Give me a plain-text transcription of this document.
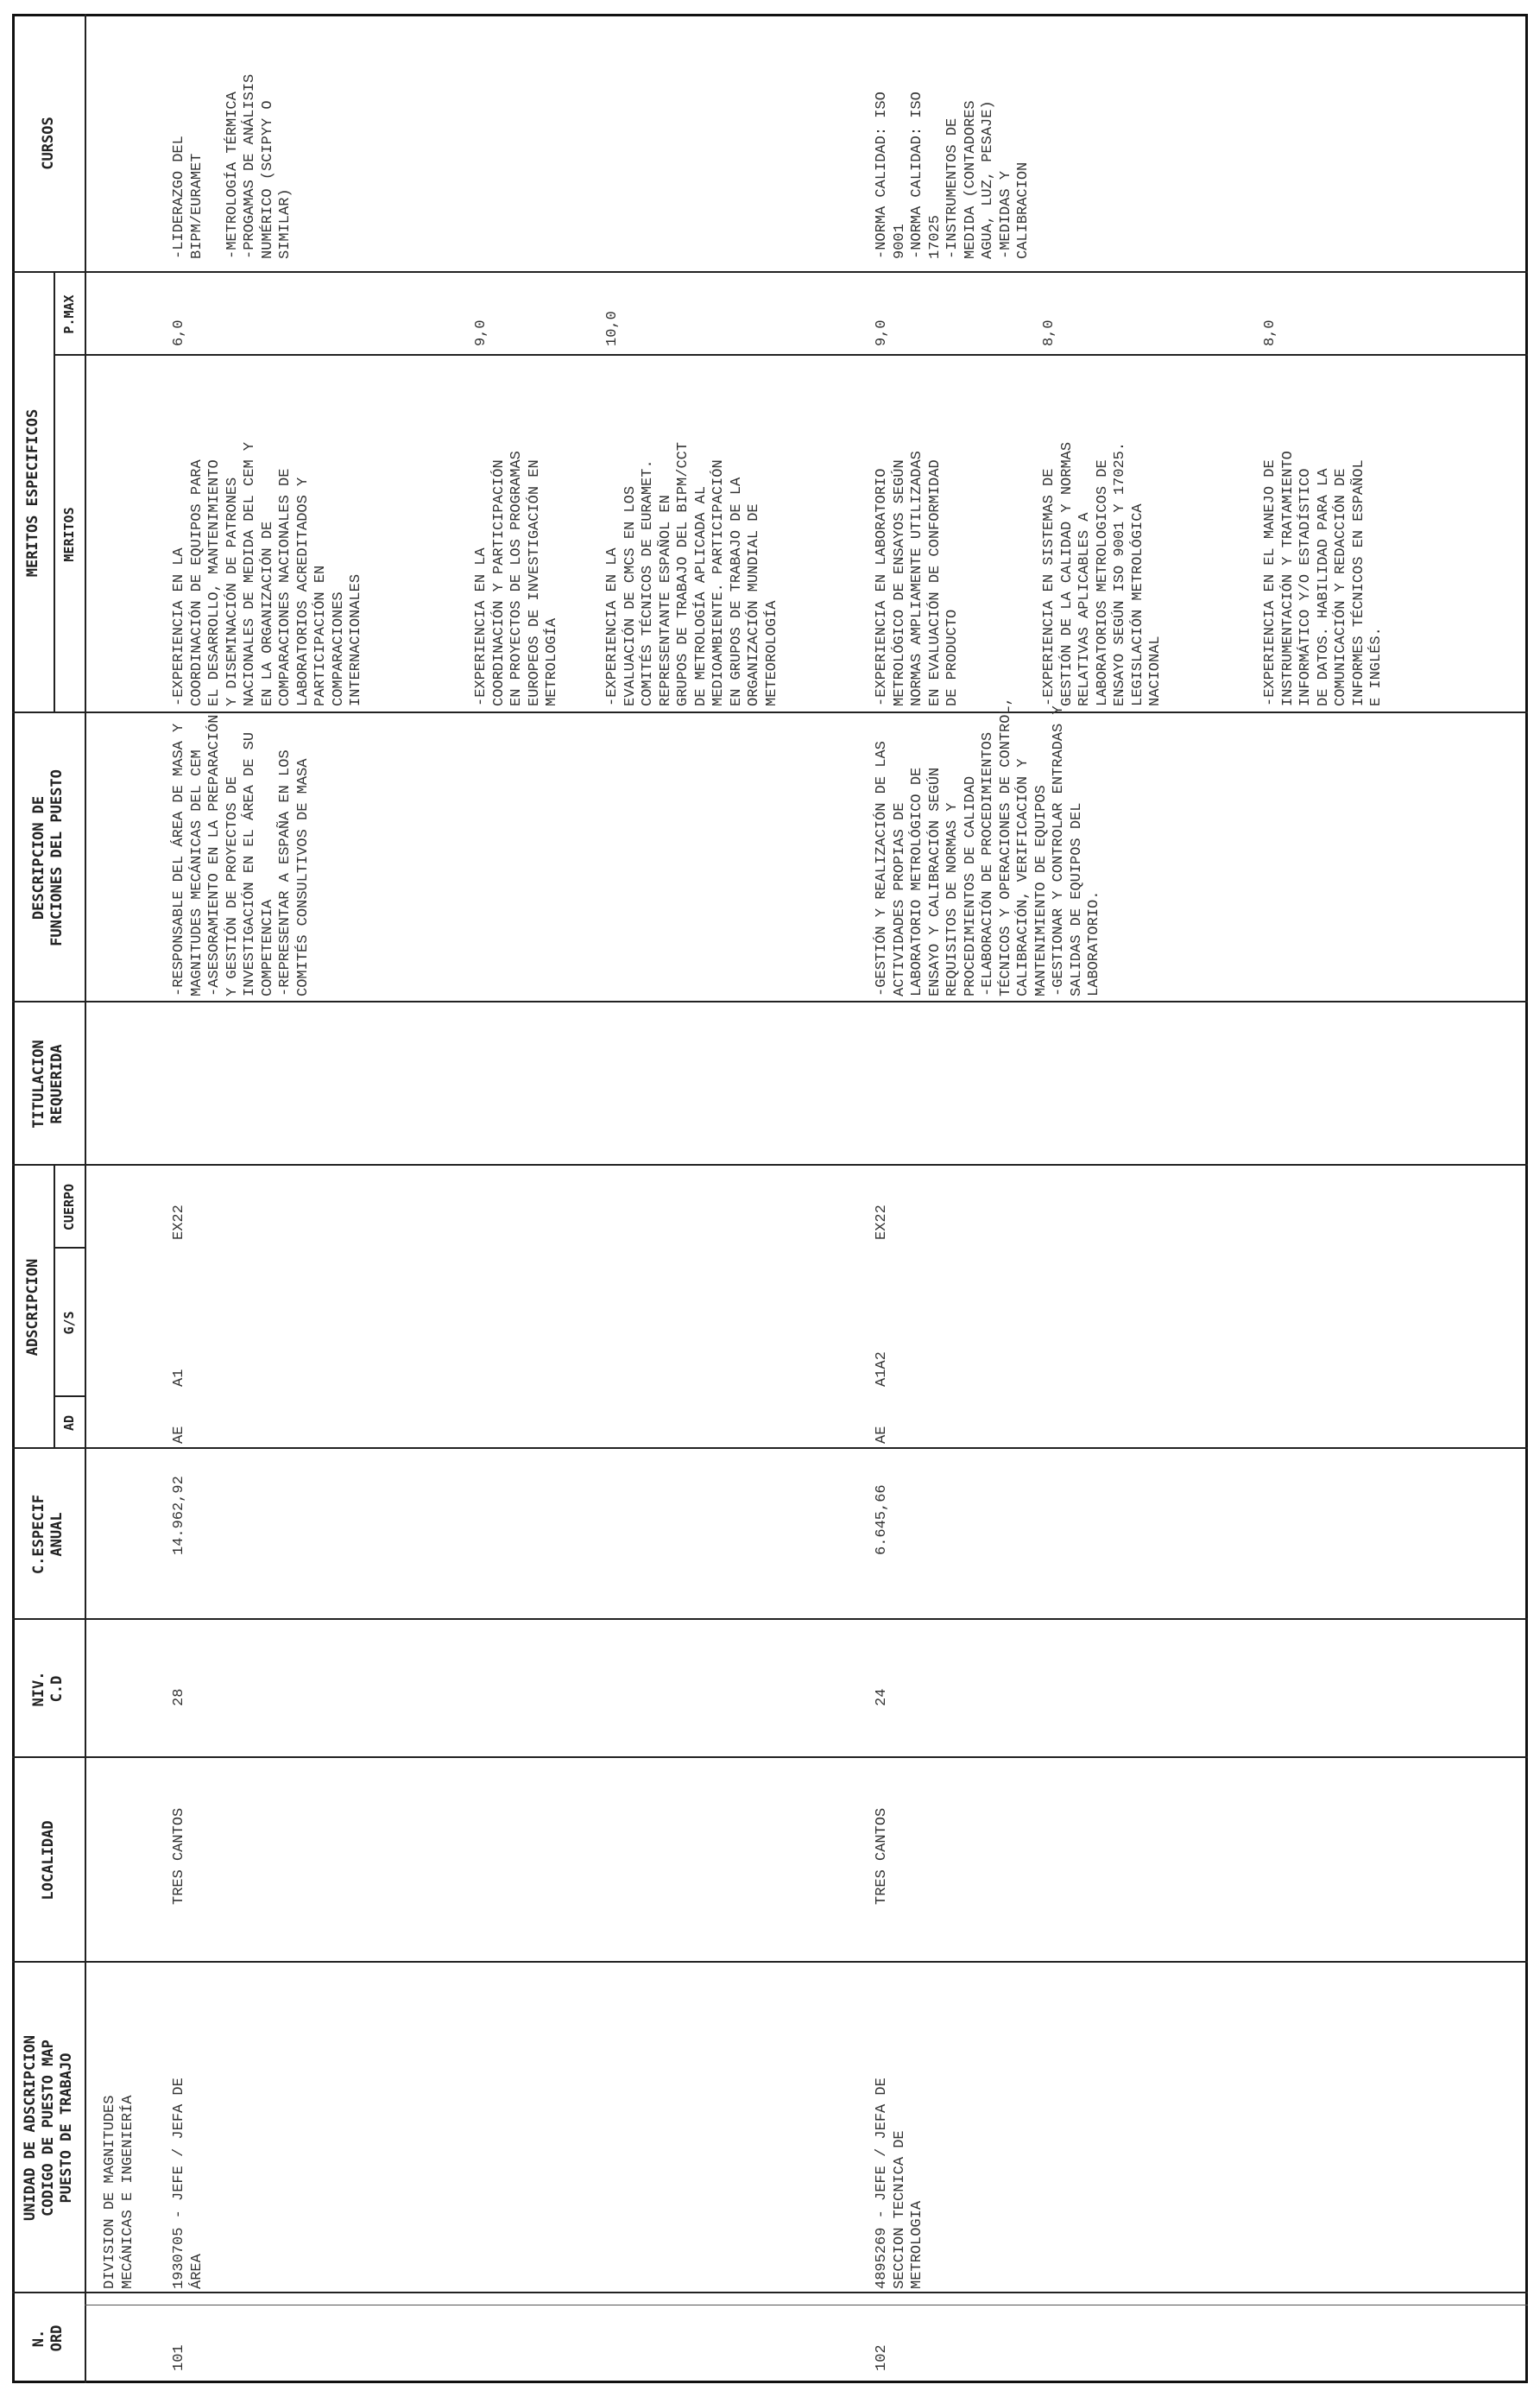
N.
ORD
UNIDAD DE ADSCRIPCION
CODIGO DE PUESTO MAP
PUESTO DE TRABAJO
LOCALIDAD
NIV.
C.D
C.ESPECIF
ANUAL
ADSCRIPCION
AD
G/S
CUERPO
TITULACION
REQUERIDA
DESCRIPCION DE
FUNCIONES DEL PUESTO
MERITOS ESPECIFICOS	MERITOS
P.MAX
CURSOS
DIVISION DE MAGNITUDES
MECÁNICAS E INGENIERÍA
101
1930705 - JEFE / JEFA DE
ÁREA
TRES CANTOS
28
14.962,92
AE
A1
EX22
-RESPONSABLE DEL ÁREA DE MASA Y
MAGNITUDES MECÁNICAS DEL CEM
-ASESORAMIENTO EN LA PREPARACIÓN
Y GESTIÓN DE PROYECTOS DE
INVESTIGACIÓN EN EL ÁREA DE SU
COMPETENCIA
-REPRESENTAR A ESPAÑA EN LOS
COMITÉS CONSULTIVOS DE MASA
-EXPERIENCIA EN LA
COORDINACIÓN DE EQUIPOS PARA
EL DESARROLLO, MANTENIMIENTO
Y DISEMINACIÓN DE PATRONES
NACIONALES DE MEDIDA DEL CEM Y
EN LA ORGANIZACIÓN DE
COMPARACIONES NACIONALES DE
LABORATORIOS ACREDITADOS Y
PARTICIPACIÓN EN
COMPARACIONES
INTERNACIONALES
6,0
-EXPERIENCIA EN LA
COORDINACIÓN Y PARTICIPACIÓN
EN PROYECTOS DE LOS PROGRAMAS
EUROPEOS DE INVESTIGACIÓN EN
METROLOGÍA
9,0
-EXPERIENCIA EN LA
EVALUACIÓN DE CMCS EN LOS
COMITÉS TÉCNICOS DE EURAMET.
REPRESENTANTE ESPAÑOL EN
GRUPOS DE TRABAJO DEL BIPM/CCT
DE METROLOGÍA APLICADA AL
MEDIOAMBIENTE. PARTICIPACIÓN
EN GRUPOS DE TRABAJO DE LA
ORGANIZACIÓN MUNDIAL DE
METEOROLOGÍA
10,0
-LIDERAZGO DEL
BIPM/EURAMET

-METROLOGÍA TÉRMICA
-PROGAMAS DE ANÁLISIS
NUMÉRICO (SCIPYY O
SIMILAR)
102
4895269 - JEFE / JEFA DE
SECCION TECNICA DE
METROLOGIA
TRES CANTOS
24
6.645,66
AE
A1A2
EX22
-GESTIÓN Y REALIZACIÓN DE LAS
ACTIVIDADES PROPIAS DE
LABORATORIO METROLÓGICO DE
ENSAYO Y CALIBRACIÓN SEGÚN
REQUISITOS DE NORMAS Y
PROCEDIMIENTOS DE CALIDAD
-ELABORACIÓN DE PROCEDIMIENTOS
TÉCNICOS Y OPERACIONES DE CONTROL,
CALIBRACIÓN, VERIFICACIÓN Y
MANTENIMIENTO DE EQUIPOS
-GESTIONAR Y CONTROLAR ENTRADAS Y
SALIDAS DE EQUIPOS DEL
LABORATORIO.
-EXPERIENCIA EN LABORATORIO
METROLÓGICO DE ENSAYOS SEGÚN
NORMAS AMPLIAMENTE UTILIZADAS
EN EVALUACIÓN DE CONFORMIDAD
DE PRODUCTO
9,0
-EXPERIENCIA EN SISTEMAS DE
GESTIÓN DE LA CALIDAD Y NORMAS
RELATIVAS APLICABLES A
LABORATORIOS METROLOGICOS DE
ENSAYO SEGÚN ISO 9001 Y 17025.
LEGISLACIÓN METROLÓGICA
NACIONAL
8,0
-EXPERIENCIA EN EL MANEJO DE
INSTRUMENTACIÓN Y TRATAMIENTO
INFORMÁTICO Y/O ESTADÍSTICO
DE DATOS. HABILIDAD PARA LA
COMUNICACIÓN Y REDACCIÓN DE
INFORMES TÉCNICOS EN ESPAÑOL
E INGLÉS.
8,0
-NORMA CALIDAD: ISO
9001
-NORMA CALIDAD: ISO
17025
-INSTRUMENTOS DE
MEDIDA (CONTADORES
AGUA, LUZ, PESAJE)
-MEDIDAS Y
CALIBRACION
